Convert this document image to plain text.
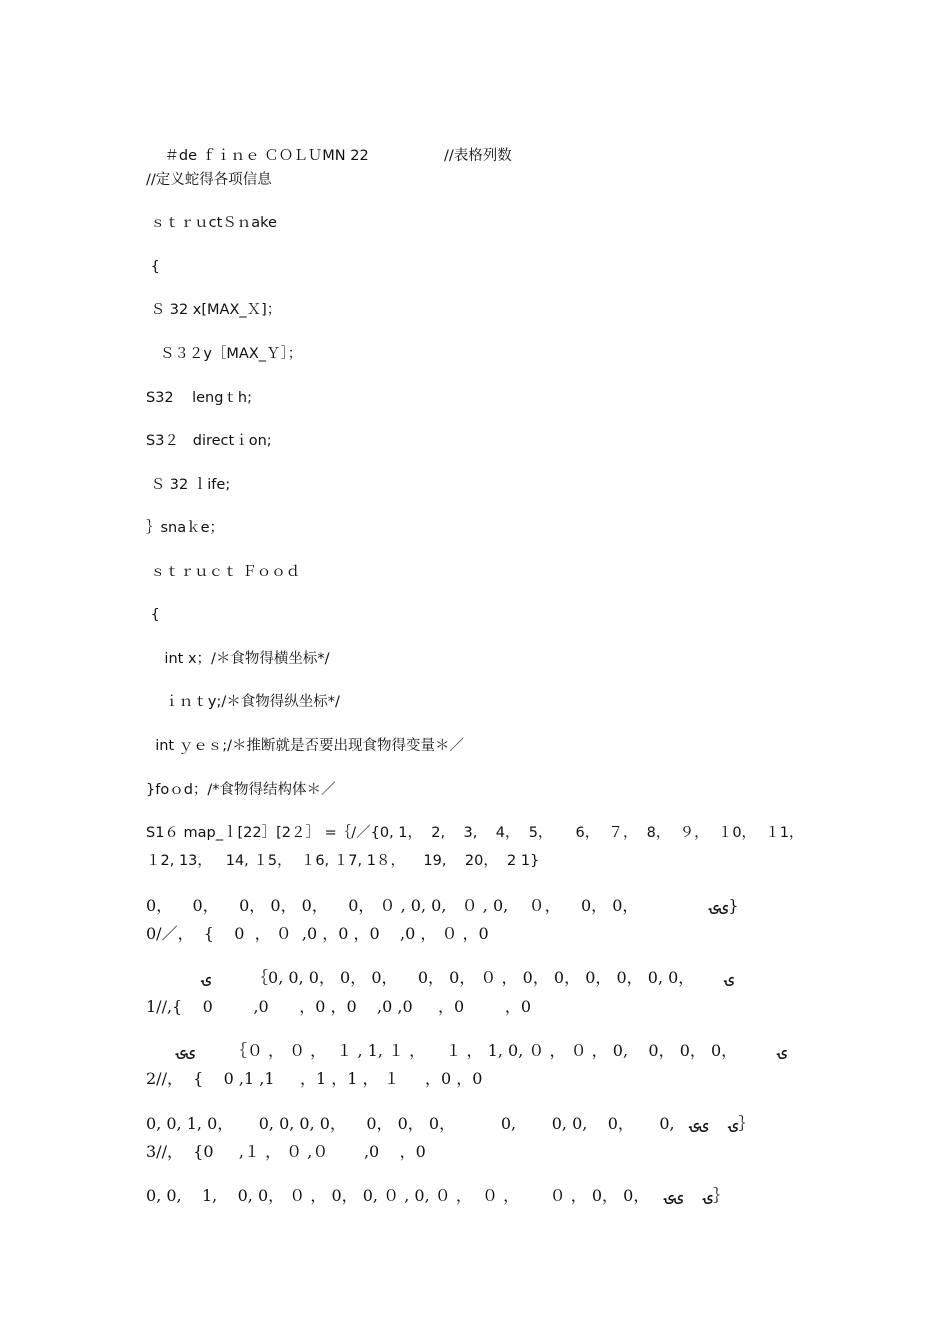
＃de ｆｉｎｅ ＣＯＬＵMN 22	//表格列数

//定义蛇得各项信息
ｓｔｒｕctＳｎake
{
Ｓ 32 x[MAX_Ｘ]；
Ｓ３２y［MAX_Ｙ］；
S32    lengｔh;
S3２   directｉon;
Ｓ 32 ｌife;
｝snaｋe；
ｓｔｒｕｃｔ Ｆｏｏｄ
{
int x；/＊食物得横坐标*/
ｉｎｔy;/＊食物得纵坐标*/
int ｙｅｓ;/＊推断就是否要出现食物得变量＊／
}foｏd；/*食物得结构体＊／
S1６ map_ｌ[22］[2２］ =｛/／{0, 1，  2,    3,    4，  5，     6，  ７，  8，  ９，  １0，  １1，
１2, 13，   14, １5，  １6, １7, 1８，    19,    20，  2 1}
ۍۍ              ，0 ，0    ，０    ,0 , ０   ,0 ,0 , ０ ，0    ，0 ，0 ，0    ，0    ，0}
0/／，  {    0  ， ０  ,0 ，0 ，0    ,0 ， ０ ，0
ۍ      ，0 ,0 ，0 ，0 ，0 ，0 ， ０ ，0 ，0    ，0 ，0 ，0 ,0 ,0｝        ۍ
1//,{    0        ,0      ，0 ，0    ,0 ,0     ，0        ，0
ۍ        ，0 ，0 ，0    ,0 ， ０ ， ０ ,0 ,1 ， １    ， １ ,1 , １  ， ０ ， ０｝       ۍۍ
2//，  {    0 ,1 ,1     ，1 ，1 ， １     ，0 ，0
ۍ    ۍۍ   ,0     ，0    ,0 ,0       ,0         ，0 ，0 ，0    ，0 ,0 ,0 ,0     ，0 ,1 ,0 ,0｝
3//，  {0     ,１ ， ０ ,０       ,0    ，0
ۍ    ۍۍ   ，0 ，0 ， ０      ， ０  ， ０ ,0 , ０ ,0 ，0 ， ０ ，0 ,0    ,1    ,0 ,0｝
